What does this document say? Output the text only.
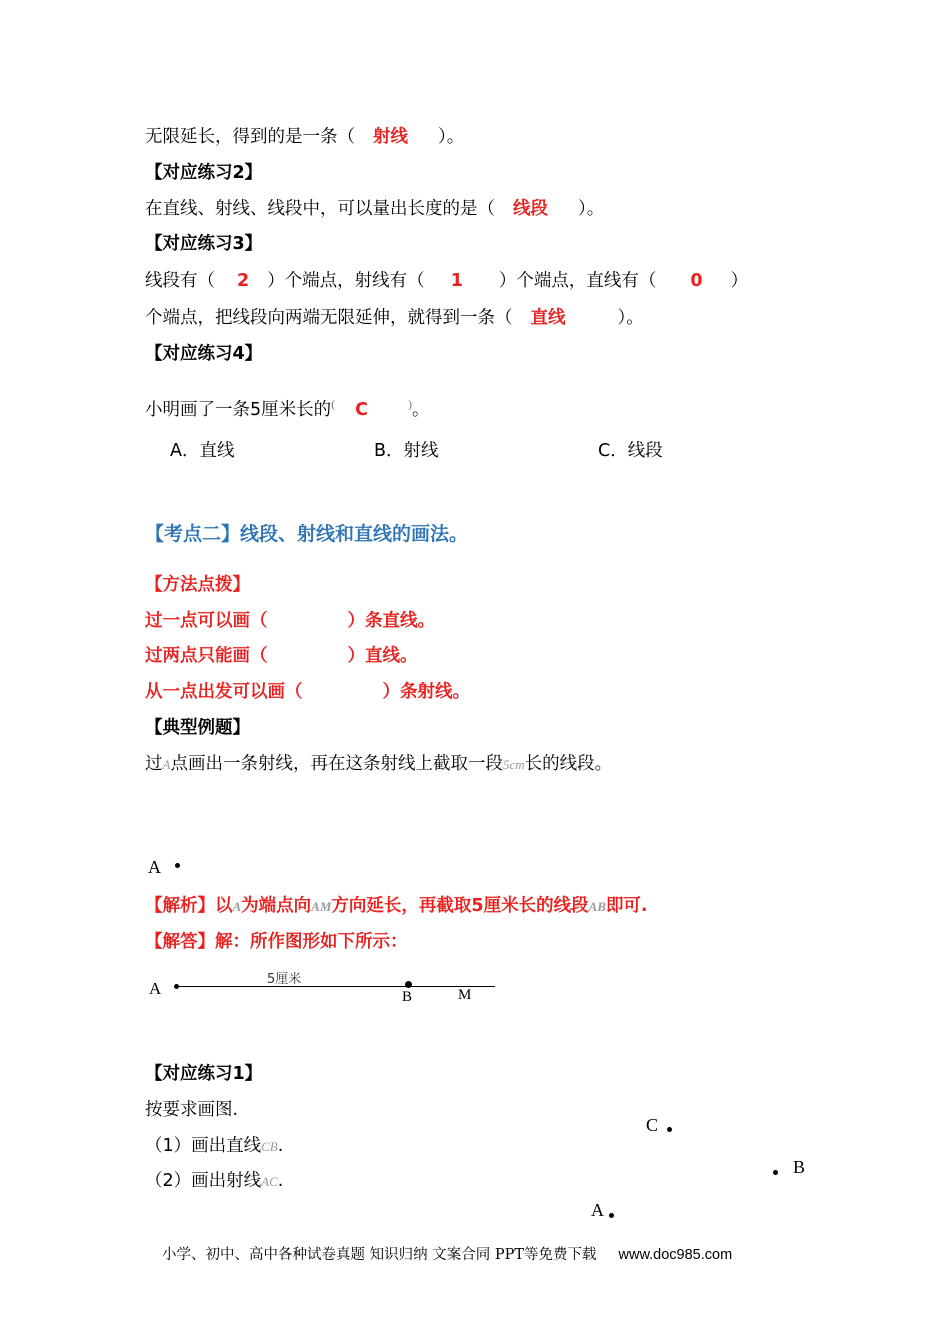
无限延长，得到的是一条（ 射线 ）。
【对应练习2】
在直线、射线、线段中，可以量出长度的是（ 线段 ）。
【对应练习3】
线段有（ 2 ）个端点，射线有（ 1 ）个端点，直线有（ 0 ）
个端点，把线段向两端无限延伸，就得到一条（ 直线	）。
【对应练习4】
小明画了一条5厘米长的( C	)。
A．直线	B．射线	C．线段
【考点二】线段、射线和直线的画法。
【方法点拨】
过一点可以画（	）条直线。
过两点只能画（	）直线。
从一点出发可以画（	）条射线。
【典型例题】
过A点画出一条射线，再在这条射线上截取一段5cm长的线段。
A
【解析】以A为端点向AM方向延长，再截取5厘米长的线段AB即可.
【解答】解：所作图形如下所示：
A	5厘米
B	M
【对应练习1】
按要求画图.
（1）画出直线CB.
（2）画出射线AC.
C
B
A
小学、初中、高中各种试卷真题 知识归纳 文案合同 PPT等免费下载 www.doc985.com
